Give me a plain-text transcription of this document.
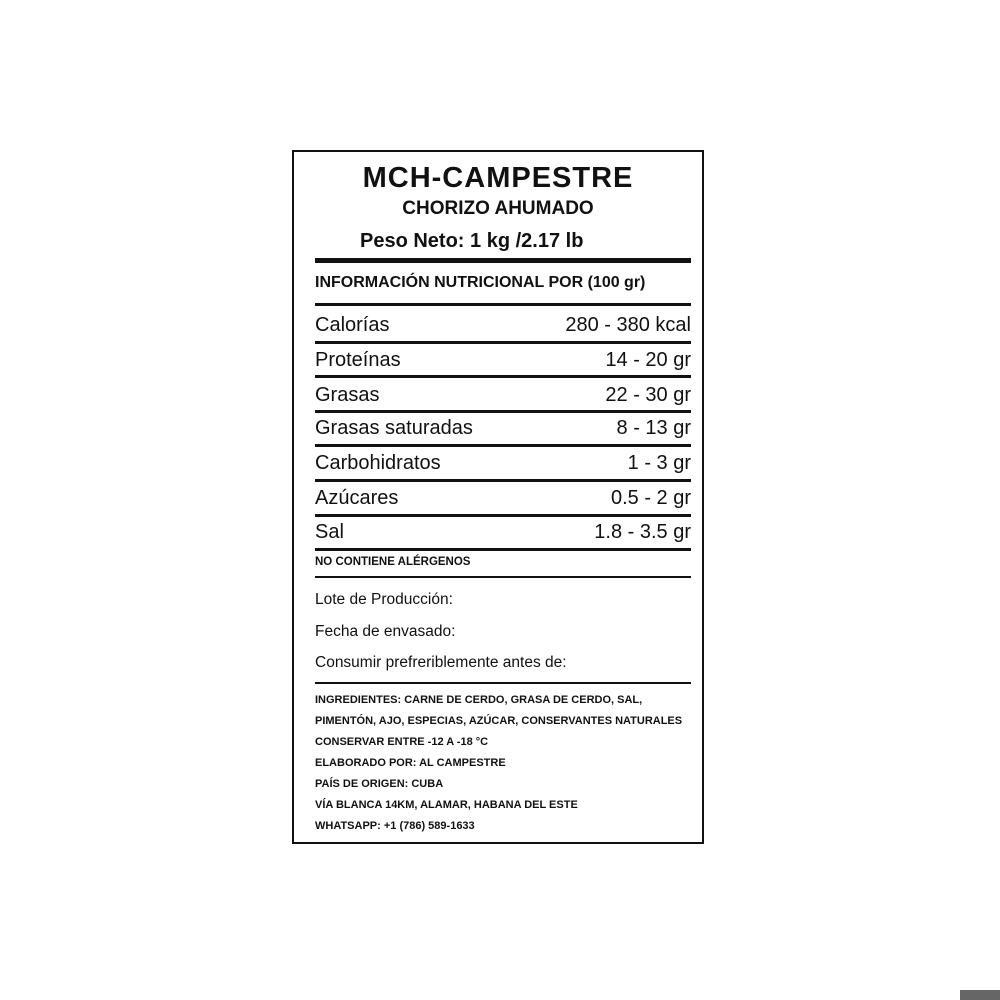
MCH-CAMPESTRE
CHORIZO AHUMADO
Peso Neto: 1 kg /2.17 lb
INFORMACIÓN NUTRICIONAL POR (100 gr)
Calorías	280 - 380 kcal
Proteínas	14 - 20 gr
Grasas	22 - 30 gr
Grasas saturadas	8 - 13 gr
Carbohidratos	1 - 3 gr
Azúcares	0.5 - 2 gr
Sal	1.8 - 3.5 gr
NO CONTIENE ALÉRGENOS
Lote de Producción:
Fecha de envasado:
Consumir prefreriblemente antes de:
INGREDIENTES: CARNE DE CERDO, GRASA DE CERDO, SAL,
PIMENTÓN, AJO, ESPECIAS, AZÚCAR, CONSERVANTES NATURALES
CONSERVAR ENTRE -12 A -18 °C
ELABORADO POR: AL CAMPESTRE
PAÍS DE ORIGEN: CUBA
VÍA BLANCA 14KM, ALAMAR, HABANA DEL ESTE
WHATSAPP: +1 (786) 589-1633
